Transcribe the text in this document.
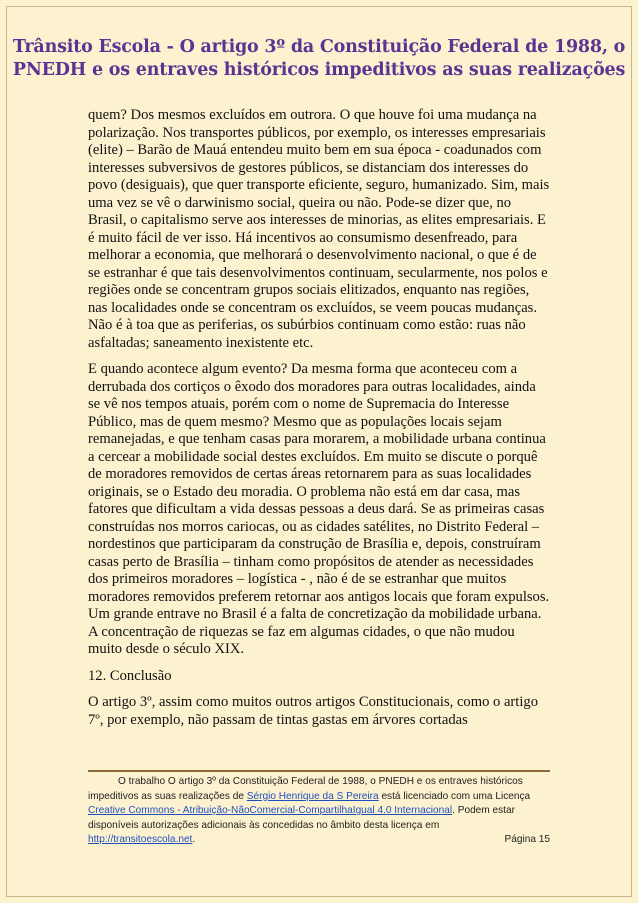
Trânsito Escola - O artigo 3º da Constituição Federal de 1988, o
PNEDH e os entraves históricos impeditivos as suas realizações

quem? Dos mesmos excluídos em outrora. O que houve foi uma mudança na polarização. Nos transportes públicos, por exemplo, os interesses empresariais (elite) – Barão de Mauá entendeu muito bem em sua época - coadunados com interesses subversivos de gestores públicos, se distanciam dos interesses do povo (desiguais), que quer transporte eficiente, seguro, humanizado. Sim, mais uma vez se vê o darwinismo social, queira ou não. Pode-se dizer que, no Brasil, o capitalismo serve aos interesses de minorias, as elites empresariais. E é muito fácil de ver isso. Há incentivos ao consumismo desenfreado, para melhorar a economia, que melhorará o desenvolvimento nacional, o que é de se estranhar é que tais desenvolvimentos continuam, secularmente, nos polos e regiões onde se concentram grupos sociais elitizados, enquanto nas regiões, nas localidades onde se concentram os excluídos, se veem poucas mudanças. Não é à toa que as periferias, os subúrbios continuam como estão: ruas não asfaltadas; saneamento inexistente etc.

E quando acontece algum evento? Da mesma forma que aconteceu com a derrubada dos cortiços o êxodo dos moradores para outras localidades, ainda se vê nos tempos atuais, porém com o nome de Supremacia do Interesse Público, mas de quem mesmo? Mesmo que as populações locais sejam remanejadas, e que tenham casas para morarem, a mobilidade urbana continua a cercear a mobilidade social destes excluídos. Em muito se discute o porquê de moradores removidos de certas áreas retornarem para as suas localidades originais, se o Estado deu moradia. O problema não está em dar casa, mas fatores que dificultam a vida dessas pessoas a deus dará. Se as primeiras casas construídas nos morros cariocas, ou as cidades satélites, no Distrito Federal – nordestinos que participaram da construção de Brasília e, depois, construíram casas perto de Brasília – tinham como propósitos de atender as necessidades dos primeiros moradores – logística - , não é de se estranhar que muitos moradores removidos preferem retornar aos antigos locais que foram expulsos. Um grande entrave no Brasil é a falta de concretização da mobilidade urbana. A concentração de riquezas se faz em algumas cidades, o que não mudou muito desde o século XIX.

12. Conclusão

O artigo 3º, assim como muitos outros artigos Constitucionais, como o artigo 7º, por exemplo, não passam de tintas gastas em árvores cortadas

O trabalho O artigo 3º da Constituição Federal de 1988, o PNEDH e os entraves históricos impeditivos as suas realizações de Sérgio Henrique da S Pereira está licenciado com uma Licença Creative Commons - Atribuição-NãoComercial-CompartilhaIgual 4.0 Internacional. Podem estar disponíveis autorizações adicionais às concedidas no âmbito desta licença em
http://transitoescola.net.	Página 15
